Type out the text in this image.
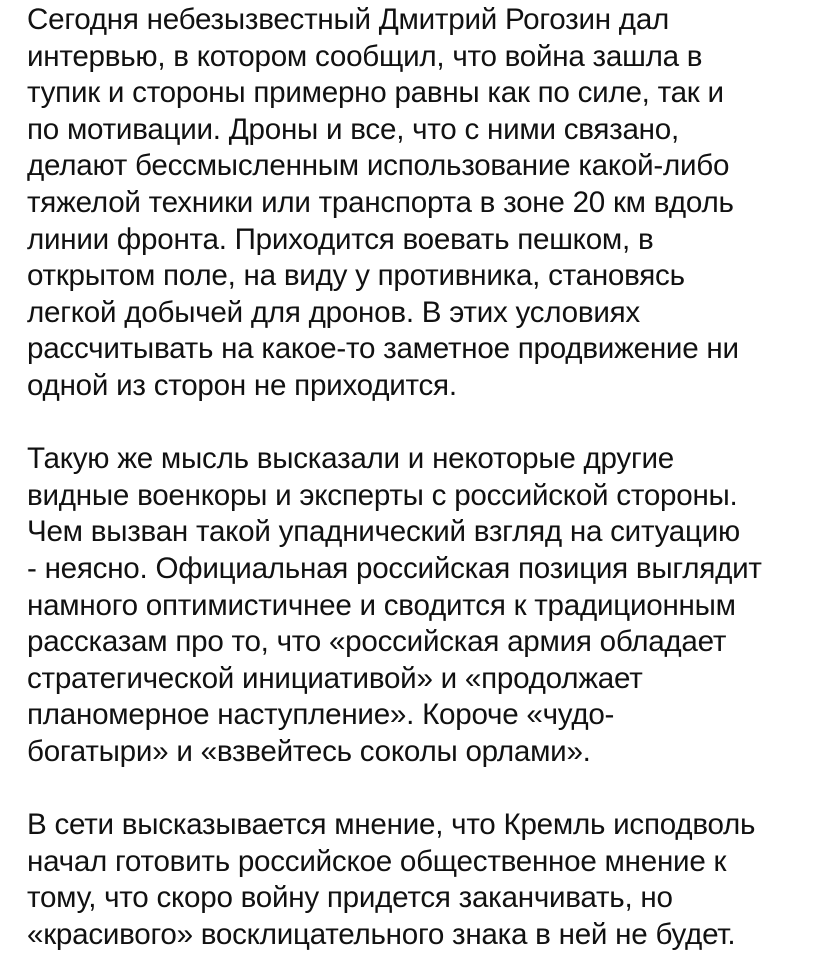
Сегодня небезызвестный Дмитрий Рогозин дал
интервью, в котором сообщил, что война зашла в
тупик и стороны примерно равны как по силе, так и
по мотивации. Дроны и все, что с ними связано,
делают бессмысленным использование какой-либо
тяжелой техники или транспорта в зоне 20 км вдоль
линии фронта. Приходится воевать пешком, в
открытом поле, на виду у противника, становясь
легкой добычей для дронов. В этих условиях
рассчитывать на какое-то заметное продвижение ни
одной из сторон не приходится.
Такую же мысль высказали и некоторые другие
видные военкоры и эксперты с российской стороны.
Чем вызван такой упаднический взгляд на ситуацию
- неясно. Официальная российская позиция выглядит
намного оптимистичнее и сводится к традиционным
рассказам про то, что «российская армия обладает
стратегической инициативой» и «продолжает
планомерное наступление». Короче «чудо-
богатыри» и «взвейтесь соколы орлами».
В сети высказывается мнение, что Кремль исподволь
начал готовить российское общественное мнение к
тому, что скоро войну придется заканчивать, но
«красивого» восклицательного знака в ней не будет.
